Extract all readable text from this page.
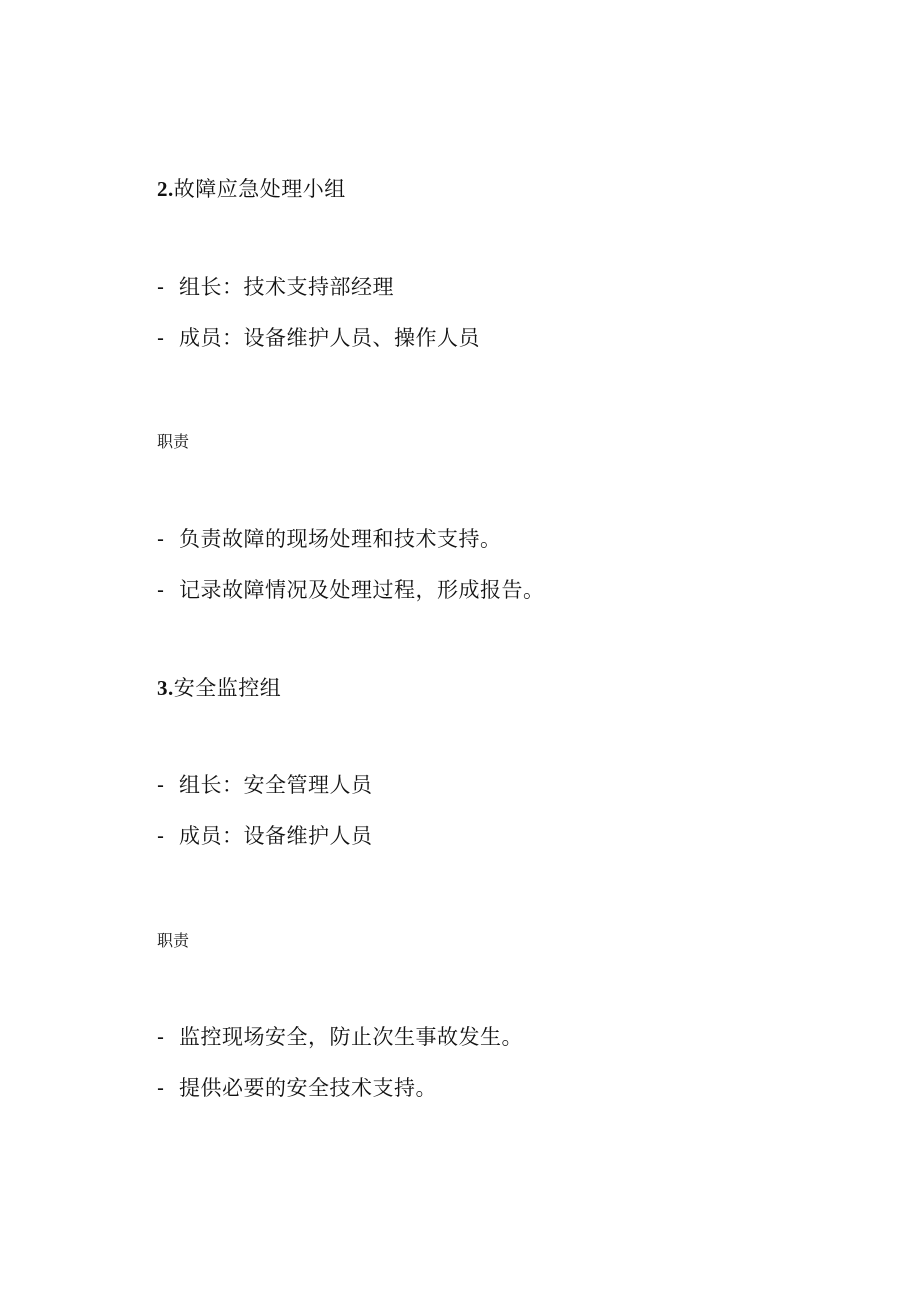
2.故障应急处理小组
- 组长：技术支持部经理
- 成员：设备维护人员、操作人员
职责
- 负责故障的现场处理和技术支持。
- 记录故障情况及处理过程，形成报告。
3.安全监控组
- 组长：安全管理人员
- 成员：设备维护人员
职责
- 监控现场安全，防止次生事故发生。
- 提供必要的安全技术支持。
